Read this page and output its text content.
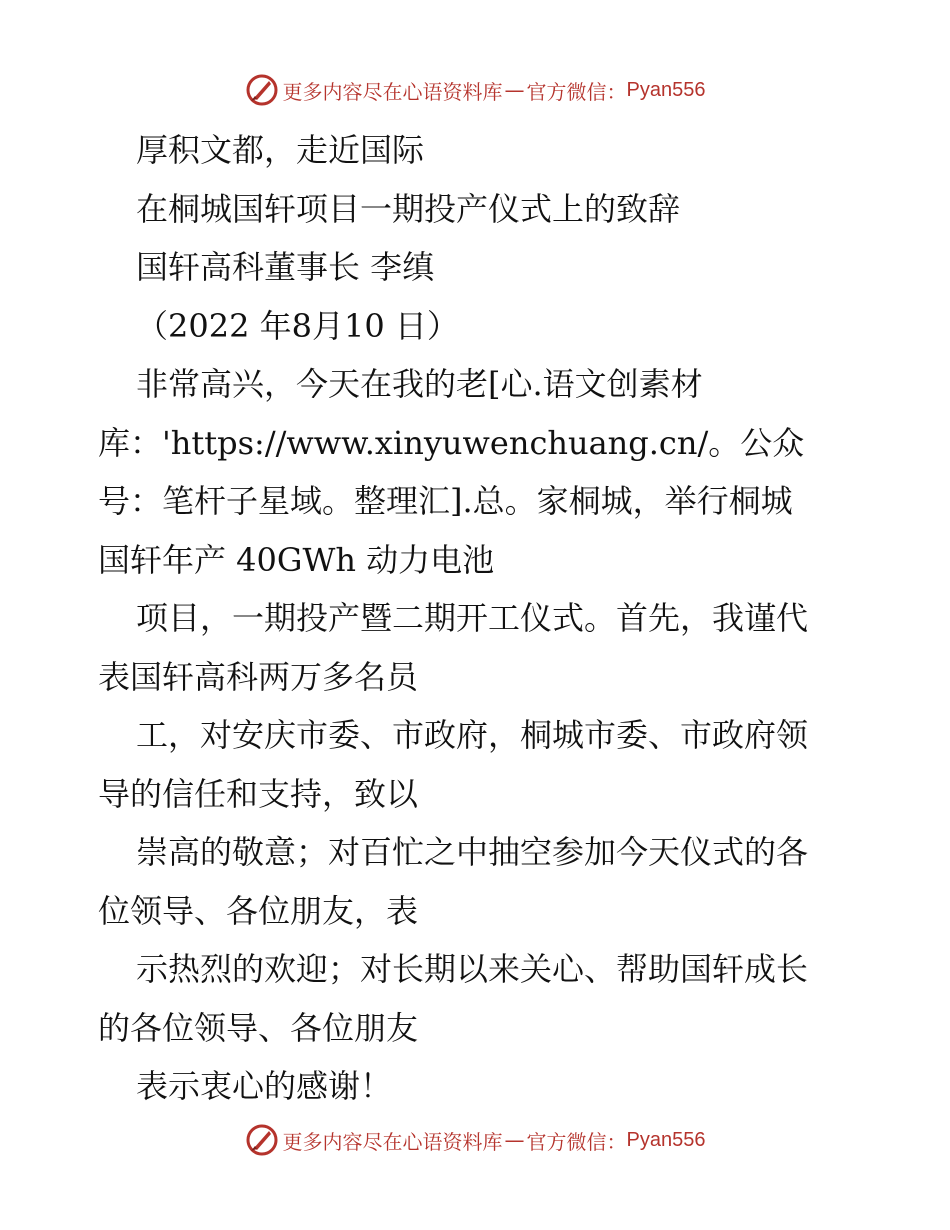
更多内容尽在心语资料库 — 官方微信： Pyan556

厚积文都，走近国际

在桐城国轩项目一期投产仪式上的致辞

国轩高科董事长 李缜

（2022 年8月10 日）

非常高兴，今天在我的老[心.语文创素材

库：'https://www.xinyuwenchuang.cn/。公众

号：笔杆子星域。整理汇].总。家桐城，举行桐城

国轩年产 40GWh 动力电池

项目，一期投产暨二期开工仪式。首先，我谨代

表国轩高科两万多名员

工，对安庆市委、市政府，桐城市委、市政府领

导的信任和支持，致以

崇高的敬意；对百忙之中抽空参加今天仪式的各

位领导、各位朋友，表

示热烈的欢迎；对长期以来关心、帮助国轩成长

的各位领导、各位朋友

表示衷心的感谢！

更多内容尽在心语资料库 — 官方微信： Pyan556
